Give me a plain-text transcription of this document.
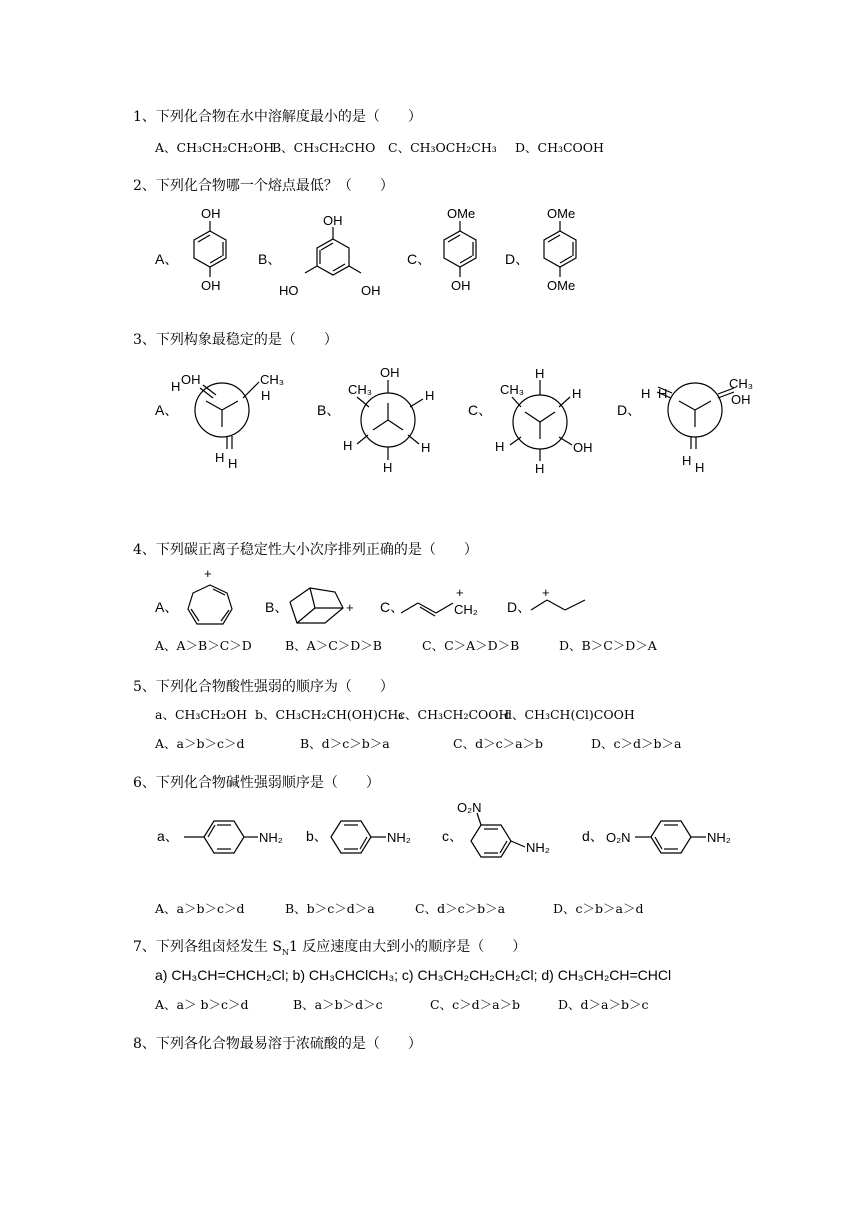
1、下列化合物在水中溶解度最小的是（　　）
A、CH₃CH₂CH₂OH
B、CH₃CH₂CHO C、CH₃OCH₂CH₃ D、CH₃COOH
2、下列化合物哪一个熔点最低？（　　）
A、
OH
OH
B、
OH
HO	OH
C、
OMe
OH
D、
OMe
OMe
3、下列构象最稳定的是（　　）
A、
H OH	CH₃
H
H H
B、
OH
CH₃	H
H	H
H
C、
H
CH₃	H
H	OH
H
D、
H H
CH₃
OH
H H
4、下列碳正离子稳定性大小次序排列正确的是（　　）
A、
+
B、	+ C、	CH₂
+
D、
+
A、A＞B＞C＞D	B、A＞C＞D＞B	C、C＞A＞D＞B	D、B＞C＞D＞A
5、下列化合物酸性强弱的顺序为（　　）
a、CH₃CH₂OH b、CH₃CH₂CH(OH)CH₃
c、CH₃CH₂COOH
d、CH₃CH(Cl)COOH
A、a＞b＞c＞d	B、d＞c＞b＞a	C、d＞c＞a＞b	D、c＞d＞b＞a
6、下列化合物碱性强弱顺序是（　　）
a、	NH₂ b、	NH₂ c、
O₂N
NH₂
d、 O₂N	NH₂
A、a＞b＞c＞d	B、b＞c＞d＞a	C、d＞c＞b＞a	D、c＞b＞a＞d
7、下列各组卤烃发生 $S_N1$ 反应速度由大到小的顺序是（　　）
a) CH₃CH=CHCH₂Cl; b) CH₃CHClCH₃; c) CH₃CH₂CH₂CH₂Cl; d) CH₃CH₂CH=CHCl
A、a＞ b＞c＞d	B、a＞b＞d＞c	C、c＞d＞a＞b	D、d＞a＞b＞c
8、下列各化合物最易溶于浓硫酸的是（　　）
